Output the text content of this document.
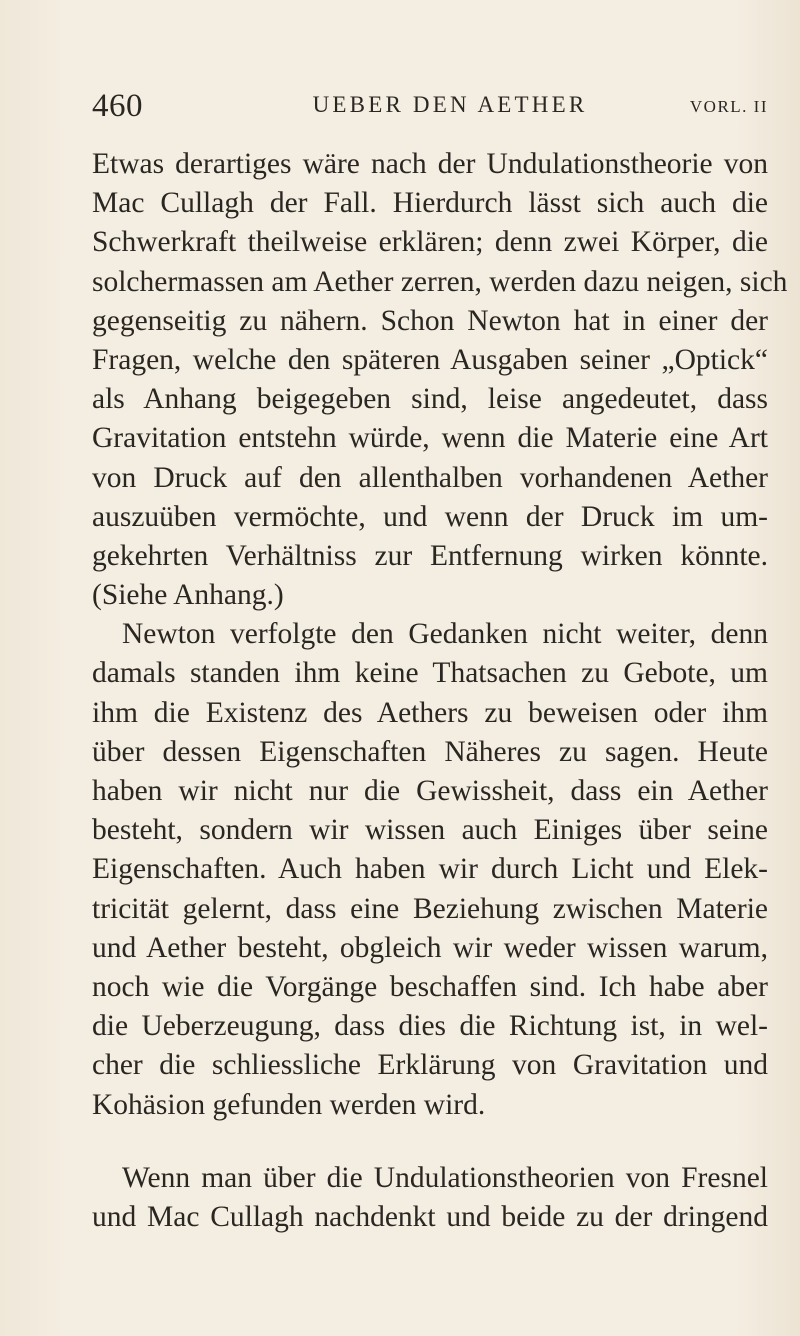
460	UEBER DEN AETHER	VORL. II
Etwas derartiges wäre nach der Undulationstheorie von
Mac Cullagh der Fall. Hierdurch lässt sich auch die
Schwerkraft theilweise erklären; denn zwei Körper, die
solchermassen am Aether zerren, werden dazu neigen, sich
gegenseitig zu nähern. Schon Newton hat in einer der
Fragen, welche den späteren Ausgaben seiner „Optick“
als Anhang beigegeben sind, leise angedeutet, dass
Gravitation entstehn würde, wenn die Materie eine Art
von Druck auf den allenthalben vorhandenen Aether
auszuüben vermöchte, und wenn der Druck im um-
gekehrten Verhältniss zur Entfernung wirken könnte.
(Siehe Anhang.)
Newton verfolgte den Gedanken nicht weiter, denn
damals standen ihm keine Thatsachen zu Gebote, um
ihm die Existenz des Aethers zu beweisen oder ihm
über dessen Eigenschaften Näheres zu sagen. Heute
haben wir nicht nur die Gewissheit, dass ein Aether
besteht, sondern wir wissen auch Einiges über seine
Eigenschaften. Auch haben wir durch Licht und Elek-
tricität gelernt, dass eine Beziehung zwischen Materie
und Aether besteht, obgleich wir weder wissen warum,
noch wie die Vorgänge beschaffen sind. Ich habe aber
die Ueberzeugung, dass dies die Richtung ist, in wel-
cher die schliessliche Erklärung von Gravitation und
Kohäsion gefunden werden wird.
Wenn man über die Undulationstheorien von Fresnel
und Mac Cullagh nachdenkt und beide zu der dringend
